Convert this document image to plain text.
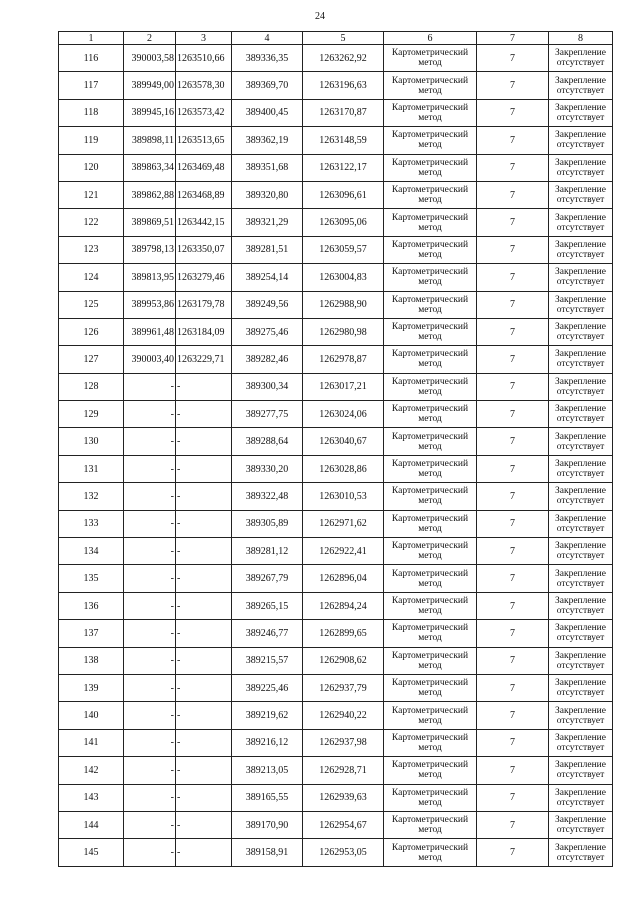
24
1	2	3	4	5	6	7	8
116	390003,58	1263510,66	389336,35	1263262,92	Картометрический метод	7	Закрепление отсутствует
117	389949,00	1263578,30	389369,70	1263196,63	Картометрический метод	7	Закрепление отсутствует
118	389945,16	1263573,42	389400,45	1263170,87	Картометрический метод	7	Закрепление отсутствует
119	389898,11	1263513,65	389362,19	1263148,59	Картометрический метод	7	Закрепление отсутствует
120	389863,34	1263469,48	389351,68	1263122,17	Картометрический метод	7	Закрепление отсутствует
121	389862,88	1263468,89	389320,80	1263096,61	Картометрический метод	7	Закрепление отсутствует
122	389869,51	1263442,15	389321,29	1263095,06	Картометрический метод	7	Закрепление отсутствует
123	389798,13	1263350,07	389281,51	1263059,57	Картометрический метод	7	Закрепление отсутствует
124	389813,95	1263279,46	389254,14	1263004,83	Картометрический метод	7	Закрепление отсутствует
125	389953,86	1263179,78	389249,56	1262988,90	Картометрический метод	7	Закрепление отсутствует
126	389961,48	1263184,09	389275,46	1262980,98	Картометрический метод	7	Закрепление отсутствует
127	390003,40	1263229,71	389282,46	1262978,87	Картометрический метод	7	Закрепление отсутствует
128	-	-	389300,34	1263017,21	Картометрический метод	7	Закрепление отсутствует
129	-	-	389277,75	1263024,06	Картометрический метод	7	Закрепление отсутствует
130	-	-	389288,64	1263040,67	Картометрический метод	7	Закрепление отсутствует
131	-	-	389330,20	1263028,86	Картометрический метод	7	Закрепление отсутствует
132	-	-	389322,48	1263010,53	Картометрический метод	7	Закрепление отсутствует
133	-	-	389305,89	1262971,62	Картометрический метод	7	Закрепление отсутствует
134	-	-	389281,12	1262922,41	Картометрический метод	7	Закрепление отсутствует
135	-	-	389267,79	1262896,04	Картометрический метод	7	Закрепление отсутствует
136	-	-	389265,15	1262894,24	Картометрический метод	7	Закрепление отсутствует
137	-	-	389246,77	1262899,65	Картометрический метод	7	Закрепление отсутствует
138	-	-	389215,57	1262908,62	Картометрический метод	7	Закрепление отсутствует
139	-	-	389225,46	1262937,79	Картометрический метод	7	Закрепление отсутствует
140	-	-	389219,62	1262940,22	Картометрический метод	7	Закрепление отсутствует
141	-	-	389216,12	1262937,98	Картометрический метод	7	Закрепление отсутствует
142	-	-	389213,05	1262928,71	Картометрический метод	7	Закрепление отсутствует
143	-	-	389165,55	1262939,63	Картометрический метод	7	Закрепление отсутствует
144	-	-	389170,90	1262954,67	Картометрический метод	7	Закрепление отсутствует
145	-	-	389158,91	1262953,05	Картометрический метод	7	Закрепление отсутствует
